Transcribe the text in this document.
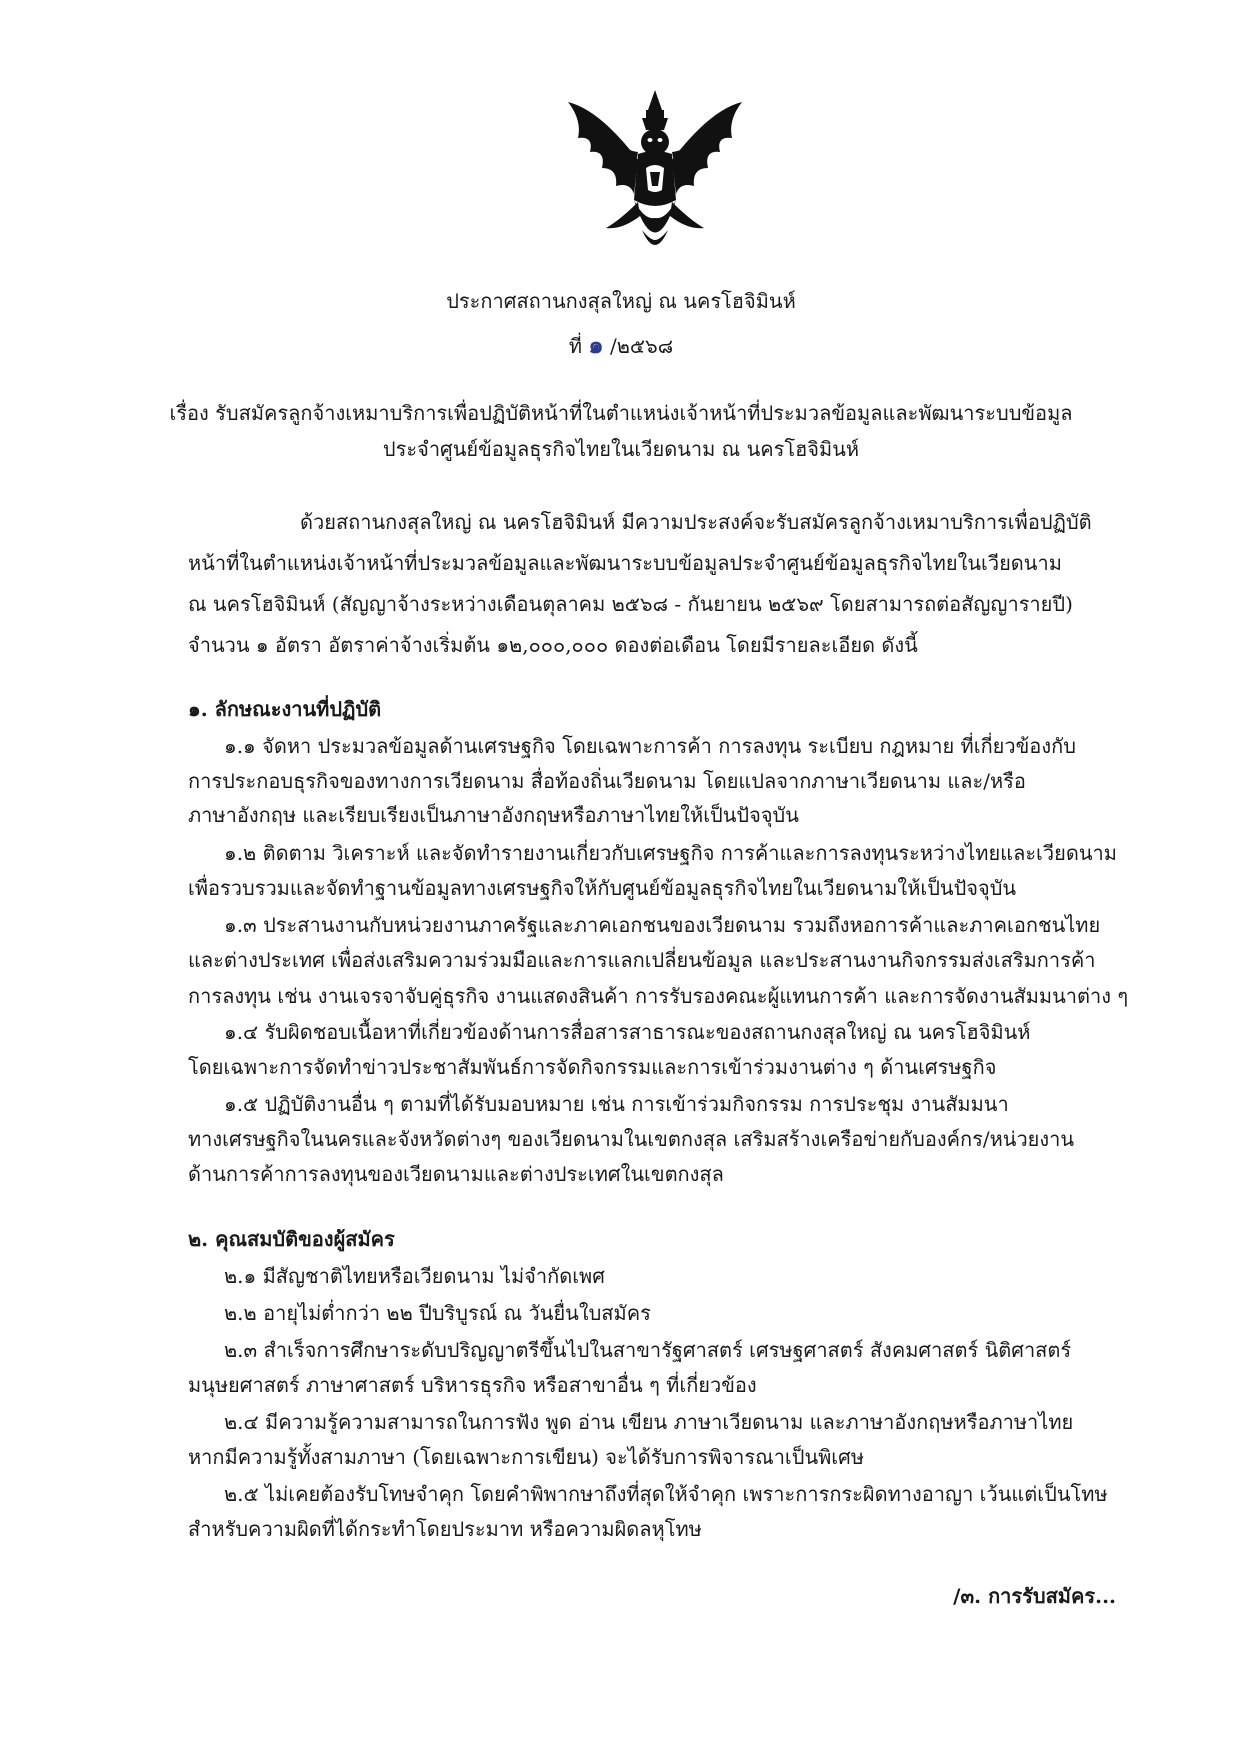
ประกาศสถานกงสุลใหญ่ ณ นครโฮจิมินห์
ที่ ๑ /๒๕๖๘
เรื่อง รับสมัครลูกจ้างเหมาบริการเพื่อปฏิบัติหน้าที่ในตำแหน่งเจ้าหน้าที่ประมวลข้อมูลและพัฒนาระบบข้อมูล
ประจำศูนย์ข้อมูลธุรกิจไทยในเวียดนาม ณ นครโฮจิมินห์
ด้วยสถานกงสุลใหญ่ ณ นครโฮจิมินห์ มีความประสงค์จะรับสมัครลูกจ้างเหมาบริการเพื่อปฏิบัติ
หน้าที่ในตำแหน่งเจ้าหน้าที่ประมวลข้อมูลและพัฒนาระบบข้อมูลประจำศูนย์ข้อมูลธุรกิจไทยในเวียดนาม
ณ นครโฮจิมินห์ (สัญญาจ้างระหว่างเดือนตุลาคม ๒๕๖๘ - กันยายน ๒๕๖๙ โดยสามารถต่อสัญญารายปี)
จำนวน ๑ อัตรา อัตราค่าจ้างเริ่มต้น ๑๒,๐๐๐,๐๐๐ ดองต่อเดือน โดยมีรายละเอียด ดังนี้
๑. ลักษณะงานที่ปฏิบัติ
๑.๑ จัดหา ประมวลข้อมูลด้านเศรษฐกิจ โดยเฉพาะการค้า การลงทุน ระเบียบ กฎหมาย ที่เกี่ยวข้องกับ
การประกอบธุรกิจของทางการเวียดนาม สื่อท้องถิ่นเวียดนาม โดยแปลจากภาษาเวียดนาม และ/หรือ
ภาษาอังกฤษ และเรียบเรียงเป็นภาษาอังกฤษหรือภาษาไทยให้เป็นปัจจุบัน
๑.๒ ติดตาม วิเคราะห์ และจัดทำรายงานเกี่ยวกับเศรษฐกิจ การค้าและการลงทุนระหว่างไทยและเวียดนาม
เพื่อรวบรวมและจัดทำฐานข้อมูลทางเศรษฐกิจให้กับศูนย์ข้อมูลธุรกิจไทยในเวียดนามให้เป็นปัจจุบัน
๑.๓ ประสานงานกับหน่วยงานภาครัฐและภาคเอกชนของเวียดนาม รวมถึงหอการค้าและภาคเอกชนไทย
และต่างประเทศ เพื่อส่งเสริมความร่วมมือและการแลกเปลี่ยนข้อมูล และประสานงานกิจกรรมส่งเสริมการค้า
การลงทุน เช่น งานเจรจาจับคู่ธุรกิจ งานแสดงสินค้า การรับรองคณะผู้แทนการค้า และการจัดงานสัมมนาต่าง ๆ
๑.๔ รับผิดชอบเนื้อหาที่เกี่ยวข้องด้านการสื่อสารสาธารณะของสถานกงสุลใหญ่ ณ นครโฮจิมินห์
โดยเฉพาะการจัดทำข่าวประชาสัมพันธ์การจัดกิจกรรมและการเข้าร่วมงานต่าง ๆ ด้านเศรษฐกิจ
๑.๕ ปฏิบัติงานอื่น ๆ ตามที่ได้รับมอบหมาย เช่น การเข้าร่วมกิจกรรม การประชุม งานสัมมนา
ทางเศรษฐกิจในนครและจังหวัดต่างๆ ของเวียดนามในเขตกงสุล เสริมสร้างเครือข่ายกับองค์กร/หน่วยงาน
ด้านการค้าการลงทุนของเวียดนามและต่างประเทศในเขตกงสุล
๒. คุณสมบัติของผู้สมัคร
๒.๑ มีสัญชาติไทยหรือเวียดนาม ไม่จำกัดเพศ
๒.๒ อายุไม่ต่ำกว่า ๒๒ ปีบริบูรณ์ ณ วันยื่นใบสมัคร
๒.๓ สำเร็จการศึกษาระดับปริญญาตรีขึ้นไปในสาขารัฐศาสตร์ เศรษฐศาสตร์ สังคมศาสตร์ นิติศาสตร์
มนุษยศาสตร์ ภาษาศาสตร์ บริหารธุรกิจ หรือสาขาอื่น ๆ ที่เกี่ยวข้อง
๒.๔ มีความรู้ความสามารถในการฟัง พูด อ่าน เขียน ภาษาเวียดนาม และภาษาอังกฤษหรือภาษาไทย
หากมีความรู้ทั้งสามภาษา (โดยเฉพาะการเขียน) จะได้รับการพิจารณาเป็นพิเศษ
๒.๕ ไม่เคยต้องรับโทษจำคุก โดยคำพิพากษาถึงที่สุดให้จำคุก เพราะการกระผิดทางอาญา เว้นแต่เป็นโทษ
สำหรับความผิดที่ได้กระทำโดยประมาท หรือความผิดลหุโทษ
/๓. การรับสมัคร...
